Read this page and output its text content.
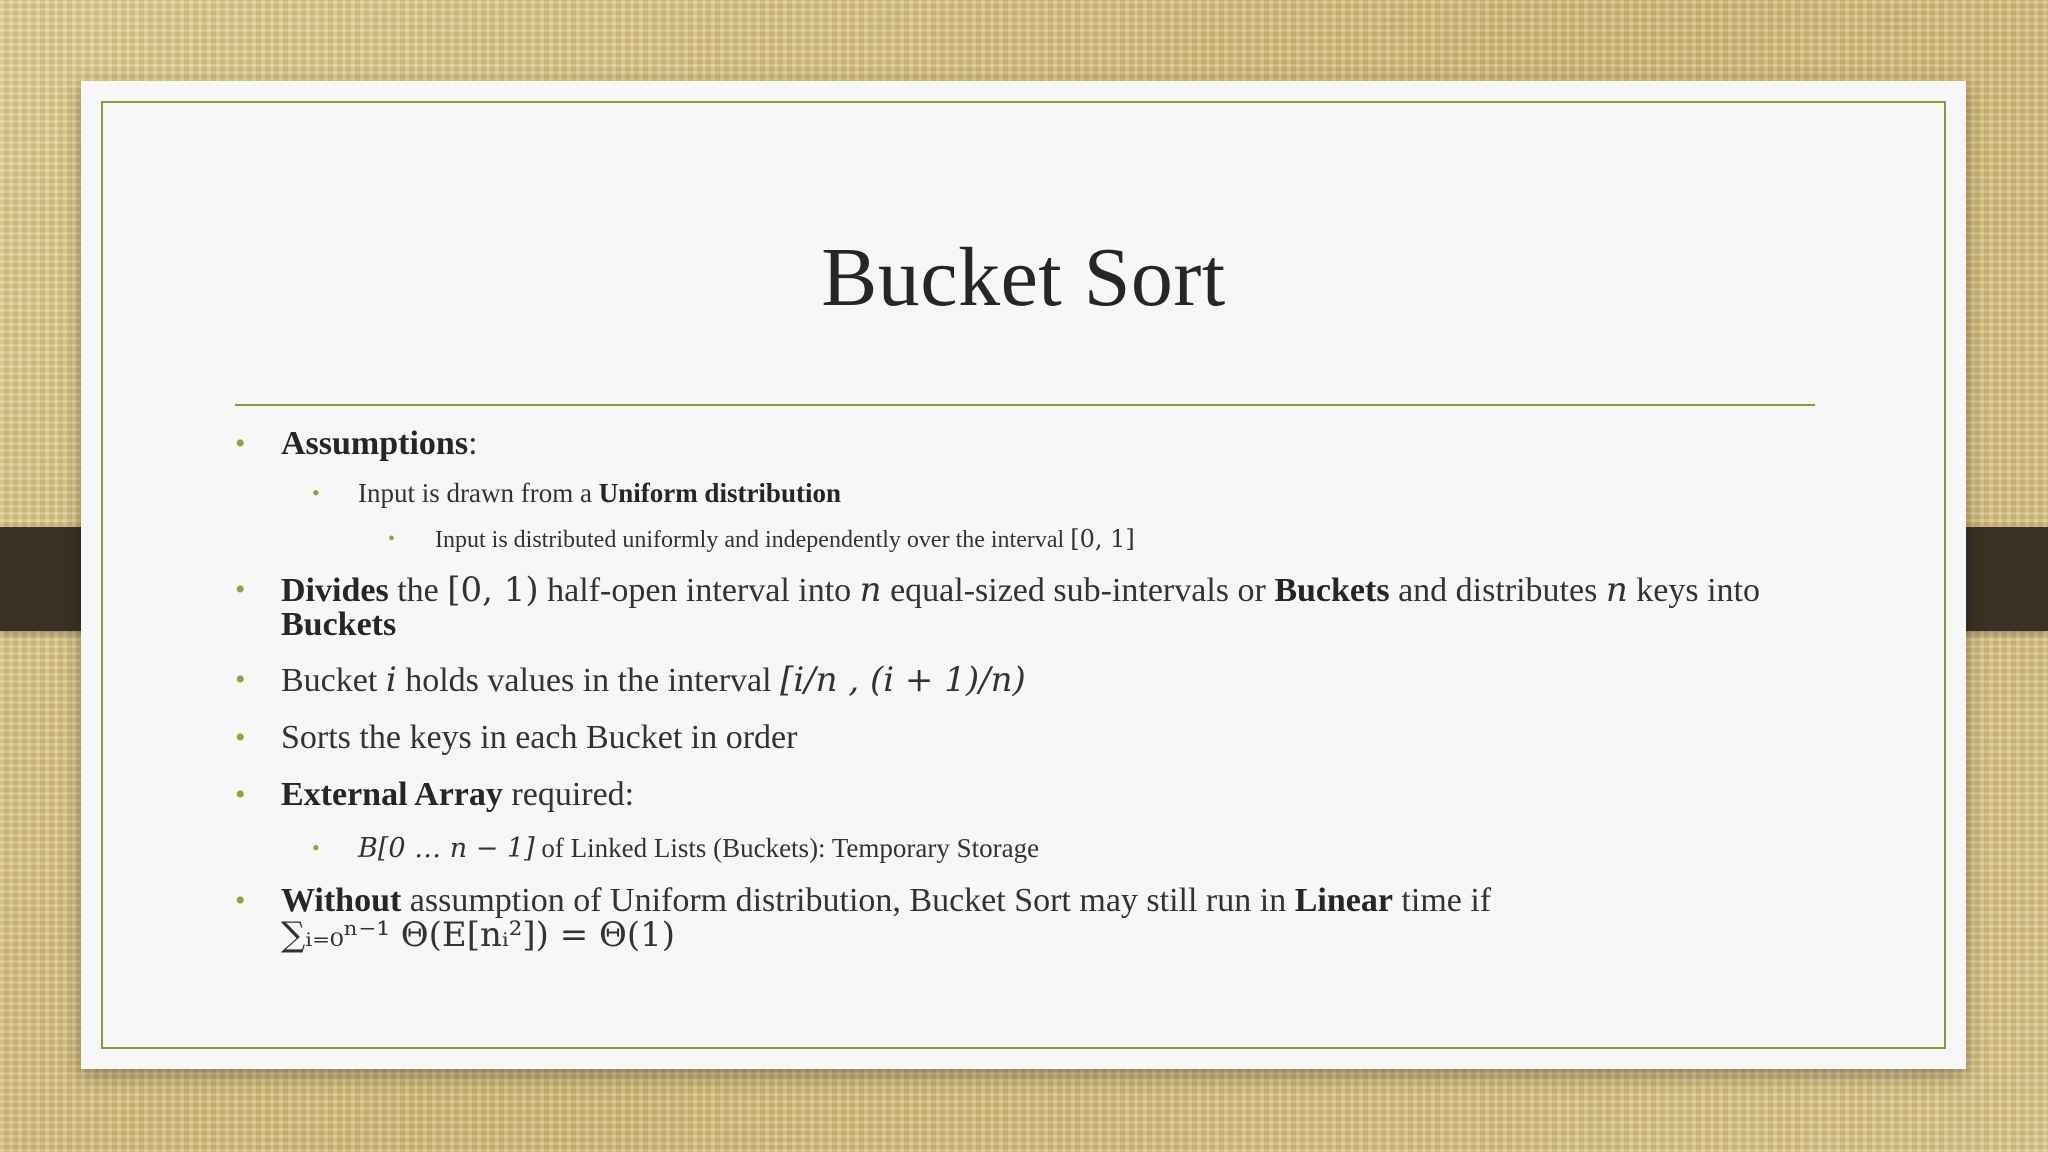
Bucket Sort
• Assumptions:
• Input is drawn from a Uniform distribution
• Input is distributed uniformly and independently over the interval [0, 1]
• Divides the [0, 1) half-open interval into n equal-sized sub-intervals or Buckets and distributes n keys into
Buckets
• Bucket i holds values in the interval [i/n , (i + 1)/n)
• Sorts the keys in each Bucket in order
• External Array required:
• B[0 … n − 1] of Linked Lists (Buckets): Temporary Storage
• Without assumption of Uniform distribution, Bucket Sort may still run in Linear time if
∑ᵢ₌₀ⁿ⁻¹ Θ(E[nᵢ²]) = Θ(1)
